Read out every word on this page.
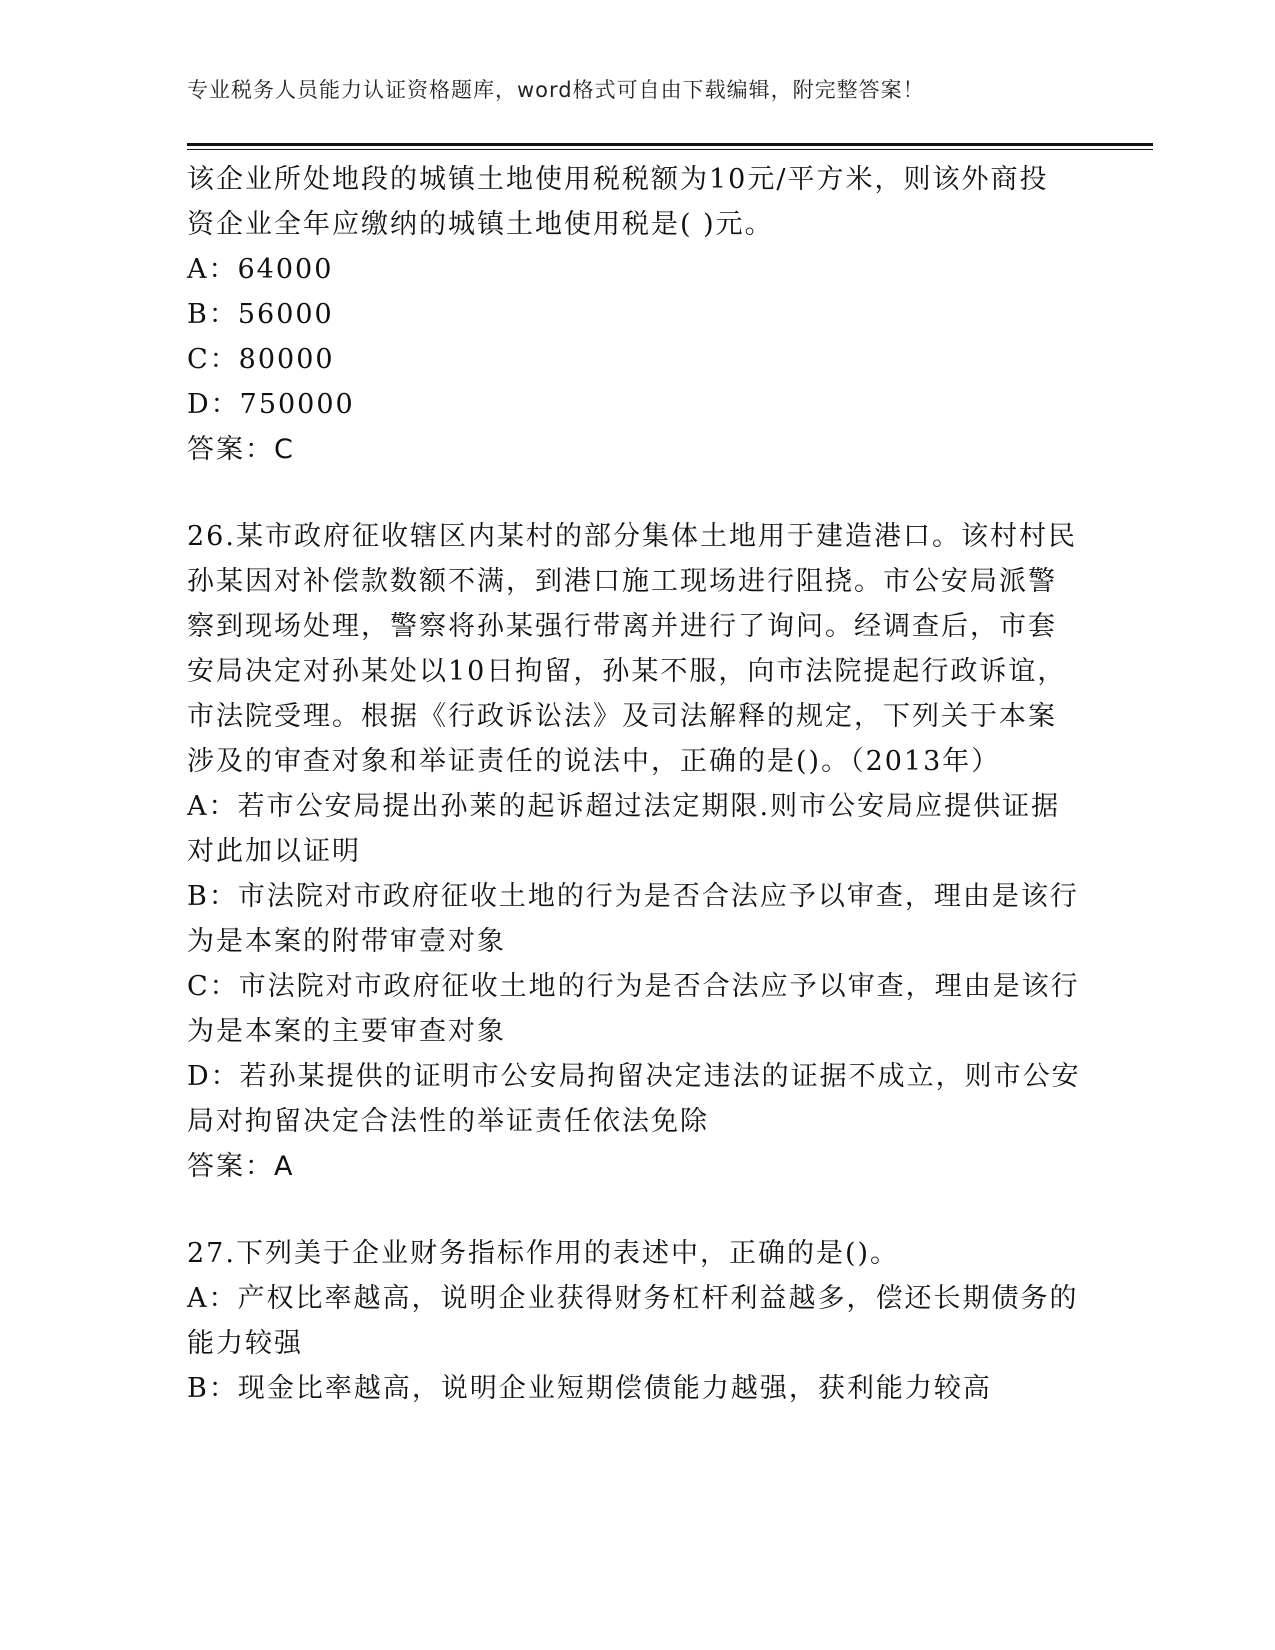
专业税务人员能力认证资格题库，word格式可自由下载编辑，附完整答案！
该企业所处地段的城镇土地使用税税额为10元/平方米，则该外商投
资企业全年应缴纳的城镇土地使用税是( )元。
A：64000
B：56000
C：80000
D：750000
答案：C
26.某市政府征收辖区内某村的部分集体土地用于建造港口。该村村民
孙某因对补偿款数额不满，到港口施工现场进行阻挠。市公安局派警
察到现场处理，警察将孙某强行带离并进行了询问。经调查后，市套
安局决定对孙某处以10日拘留，孙某不服，向市法院提起行政诉谊，
市法院受理。根据《行政诉讼法》及司法解释的规定，下列关于本案
涉及的审查对象和举证责任的说法中，正确的是()。（2013年）
A：若市公安局提出孙莱的起诉超过法定期限.则市公安局应提供证据
对此加以证明
B：市法院对市政府征收土地的行为是否合法应予以审查，理由是该行
为是本案的附带审壹对象
C：市法院对市政府征收土地的行为是否合法应予以审查，理由是该行
为是本案的主要审查对象
D：若孙某提供的证明市公安局拘留决定违法的证据不成立，则市公安
局对拘留决定合法性的举证责任依法免除
答案：A
27.下列美于企业财务指标作用的表述中，正确的是()。
A：产权比率越高，说明企业获得财务杠杆利益越多，偿还长期债务的
能力较强
B：现金比率越高，说明企业短期偿债能力越强，获利能力较高
